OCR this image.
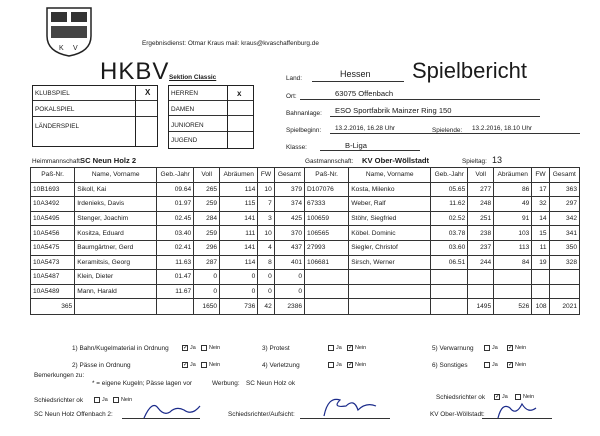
K V
HKBV
Ergebnisdienst: Otmar Kraus mail: kraus@kvaschaffenburg.de
Sektion Classic	Spielbericht
Land:	Hessen
Ort:	63075 Offenbach
Bahnanlage: ESO Sportfabrik Mainzer Ring 150
Spielbeginn: 13.2.2016, 16.28 Uhr	Spielende: 13.2.2016, 18.10 Uhr
Klasse:	B-Liga
KLUBSPIEL	X
POKALSPIEL
LÄNDERSPIEL
HERREN	x
DAMEN
JUNIOREN
JUGEND
Heimmannschaft:
SC Neun Holz 2	Gastmannschaft: KV Ober-Wöllstadt	Spieltag: 13
Paß-Nr.	Name, Vorname	Geb.-Jahr	Voll	Abräumen	FW	Gesamt	Paß-Nr.	Name, Vorname	Geb.-Jahr	Voll	Abräumen	FW	Gesamt
10B1693	Sikoll, Kai	09.64	265	114	10	379	D107076	Kosta, Milenko	05.65	277	86	17	363
10A3492	Irdenieks, Davis	01.97	259	115	7	374	67333	Weber, Ralf	11.62	248	49	32	297
10A5495	Stenger, Joachim	02.45	284	141	3	425	100659	Stöhr, Siegfried	02.52	251	91	14	342
10A5456	Kositza, Eduard	03.40	259	111	10	370	106565	Köbel. Dominic	03.78	238	103	15	341
10A5475	Baumgärtner, Gerd	02.41	296	141	4	437	27993	Siegler, Christof	03.60	237	113	11	350
10A5473	Keramitsis, Georg	11.63	287	114	8	401	106681	Sirsch, Werner	06.51	244	84	19	328
10A5487	Klein, Dieter	01.47	0	0	0	0							
10A5489	Mann, Harald	11.67	0	0	0	0							
365			1650	736	42	2386				1495	526	108	2021
1) Bahn/Kugelmaterial in Ordnung ✓ Ja Nein	3) Protest	Ja ✓ Nein	5) Verwarnung	Ja ✓ Nein
2) Pässe in Ordnung	✓ Ja Nein	4) Verletzung	Ja ✓ Nein	6) Sonstiges	Ja ✓ Nein
Bemerkungen zu:
* = eigene Kugeln; Pässe lagen vor	Werbung: SC Neun Holz ok
Schiedsrichter ok	Ja Nein	Schiedsrichter ok ✓ Ja	Nein
SC Neun Holz Offenbach 2:	Schiedsrichter/Aufsicht:	KV Ober-Wöllstadt:
